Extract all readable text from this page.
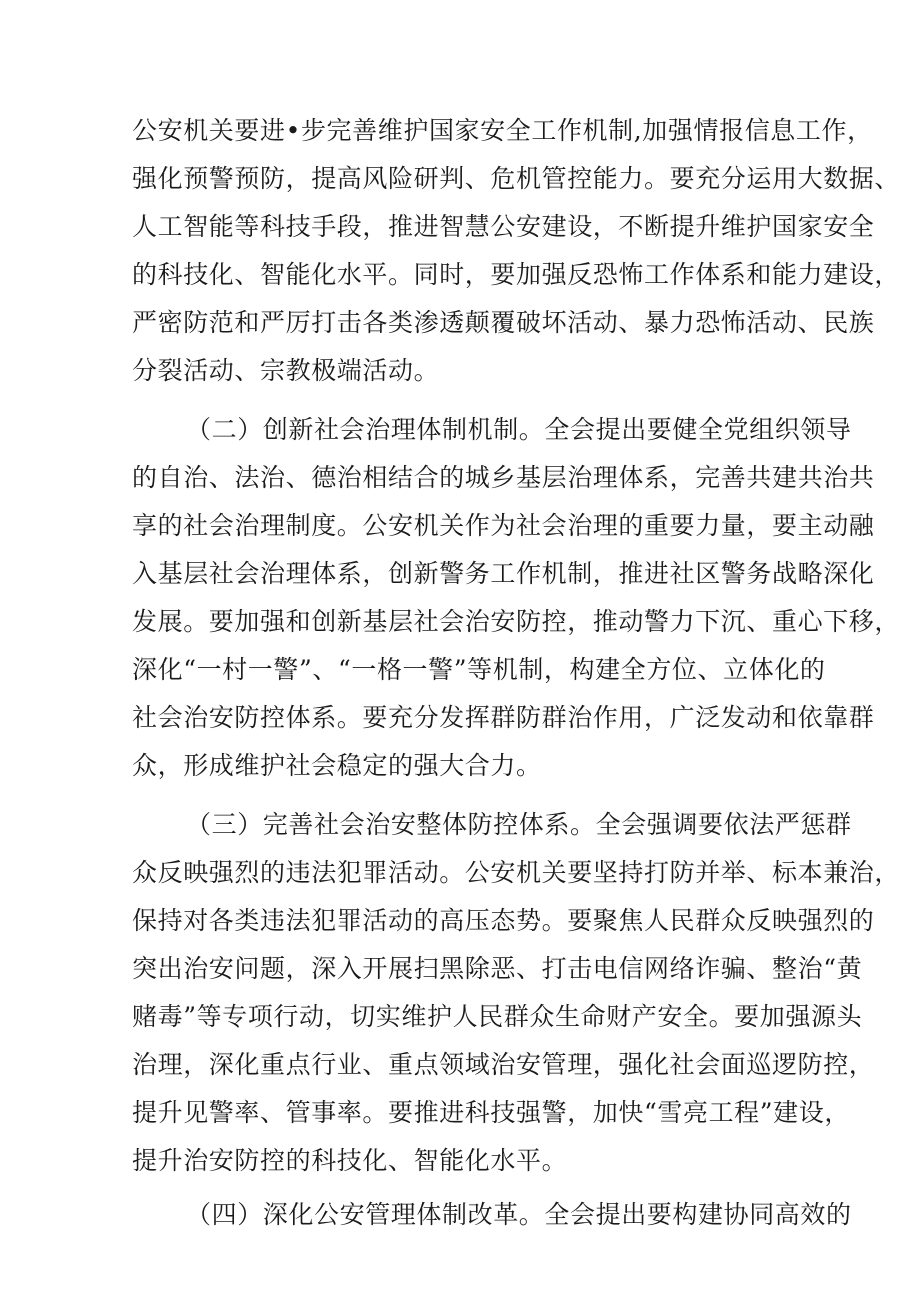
公安机关要进•步完善维护国家安全工作机制,加强情报信息工作，
强化预警预防，提高风险研判、危机管控能力。要充分运用大数据、
人工智能等科技手段，推进智慧公安建设，不断提升维护国家安全
的科技化、智能化水平。同时，要加强反恐怖工作体系和能力建设，
严密防范和严厉打击各类渗透颠覆破坏活动、暴力恐怖活动、民族
分裂活动、宗教极端活动。
（二）创新社会治理体制机制。全会提出要健全党组织领导
的自治、法治、德治相结合的城乡基层治理体系，完善共建共治共
享的社会治理制度。公安机关作为社会治理的重要力量，要主动融
入基层社会治理体系，创新警务工作机制，推进社区警务战略深化
发展。要加强和创新基层社会治安防控，推动警力下沉、重心下移，
深化“一村一警”、“一格一警”等机制，构建全方位、立体化的
社会治安防控体系。要充分发挥群防群治作用，广泛发动和依靠群
众，形成维护社会稳定的强大合力。
（三）完善社会治安整体防控体系。全会强调要依法严惩群
众反映强烈的违法犯罪活动。公安机关要坚持打防并举、标本兼治，
保持对各类违法犯罪活动的高压态势。要聚焦人民群众反映强烈的
突出治安问题，深入开展扫黑除恶、打击电信网络诈骗、整治“黄
赌毒”等专项行动，切实维护人民群众生命财产安全。要加强源头
治理，深化重点行业、重点领域治安管理，强化社会面巡逻防控，
提升见警率、管事率。要推进科技强警，加快“雪亮工程”建设，
提升治安防控的科技化、智能化水平。
（四）深化公安管理体制改革。全会提出要构建协同高效的
